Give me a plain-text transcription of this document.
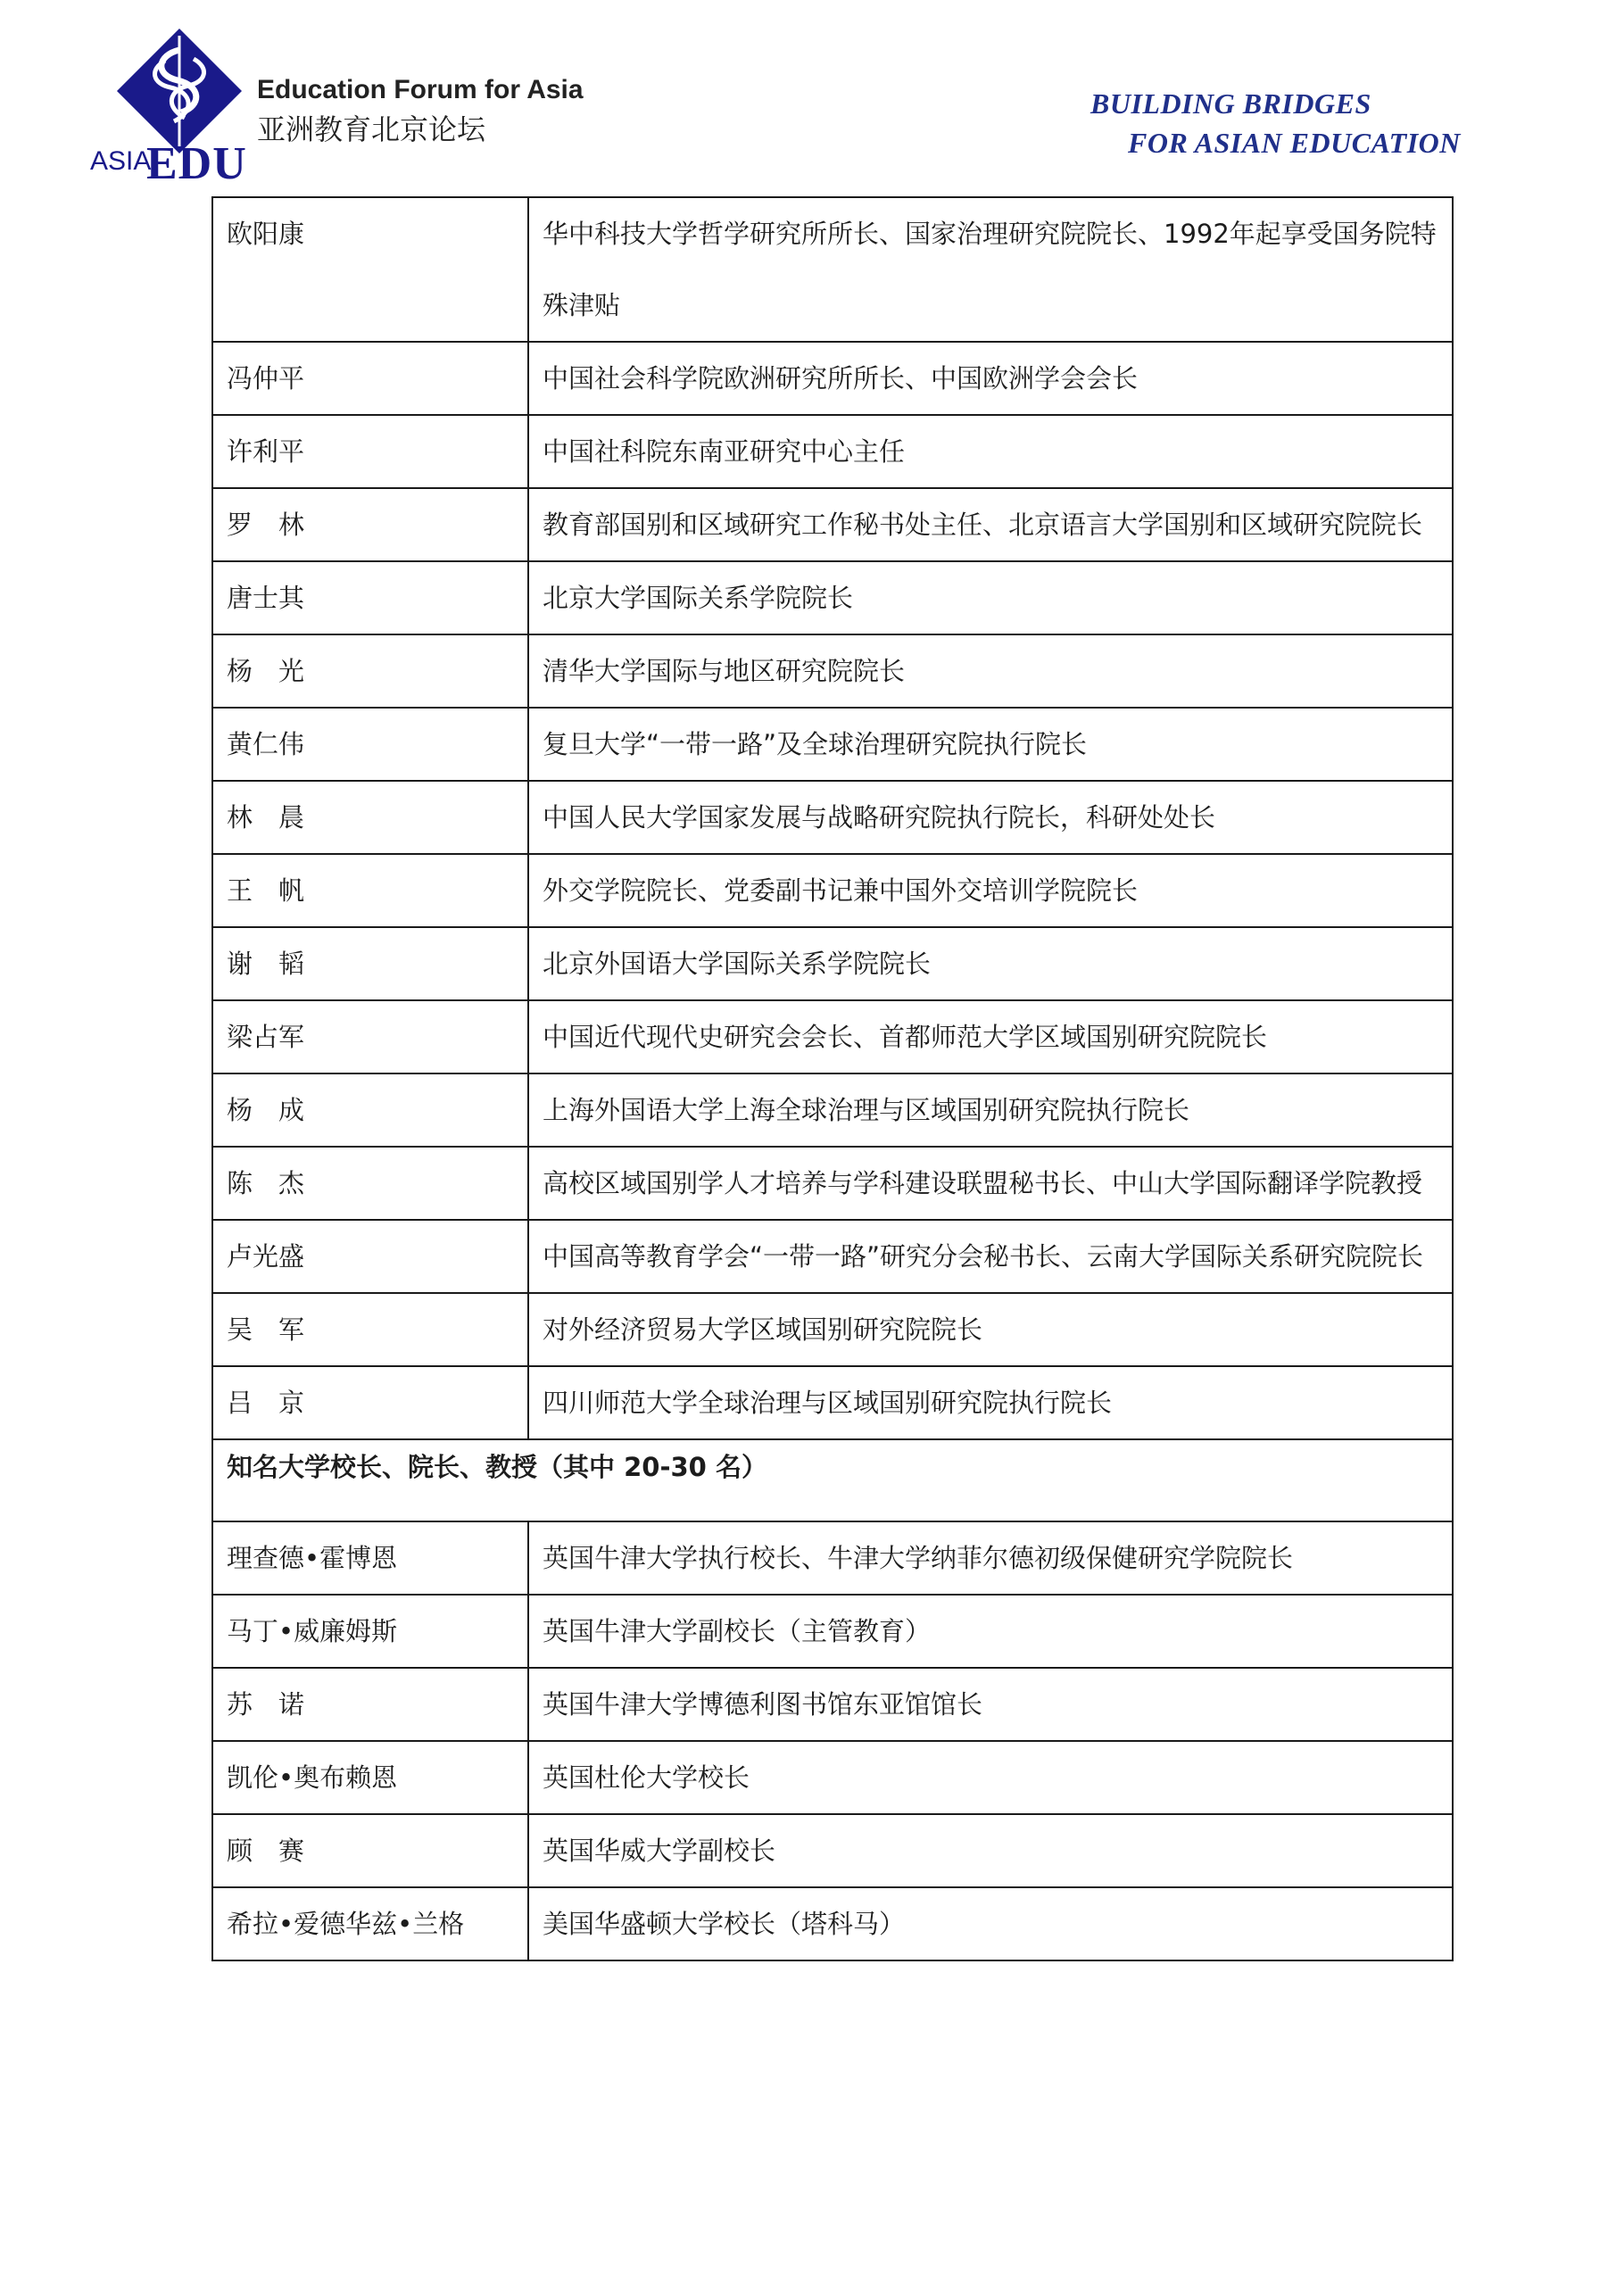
ASIA
EDU
Education Forum for Asia
亚洲教育北京论坛
BUILDING BRIDGES
FOR ASIAN EDUCATION
欧阳康	华中科技大学哲学研究所所长、国家治理研究院院长、1992年起享受国务院特殊津贴
冯仲平	中国社会科学院欧洲研究所所长、中国欧洲学会会长
许利平	中国社科院东南亚研究中心主任
罗　林	教育部国别和区域研究工作秘书处主任、北京语言大学国别和区域研究院院长
唐士其	北京大学国际关系学院院长
杨　光	清华大学国际与地区研究院院长
黄仁伟	复旦大学“一带一路”及全球治理研究院执行院长
林　晨	中国人民大学国家发展与战略研究院执行院长，科研处处长
王　帆	外交学院院长、党委副书记兼中国外交培训学院院长
谢　韬	北京外国语大学国际关系学院院长
梁占军	中国近代现代史研究会会长、首都师范大学区域国别研究院院长
杨　成	上海外国语大学上海全球治理与区域国别研究院执行院长
陈　杰	高校区域国别学人才培养与学科建设联盟秘书长、中山大学国际翻译学院教授
卢光盛	中国高等教育学会“一带一路”研究分会秘书长、云南大学国际关系研究院院长
吴　军	对外经济贸易大学区域国别研究院院长
吕　京	四川师范大学全球治理与区域国别研究院执行院长
知名大学校长、院长、教授（其中 20-30 名）	
理查德•霍博恩	英国牛津大学执行校长、牛津大学纳菲尔德初级保健研究学院院长
马丁•威廉姆斯	英国牛津大学副校长（主管教育）
苏　诺	英国牛津大学博德利图书馆东亚馆馆长
凯伦•奥布赖恩	英国杜伦大学校长
顾　赛	英国华威大学副校长
希拉•爱德华兹•兰格	美国华盛顿大学校长（塔科马）
